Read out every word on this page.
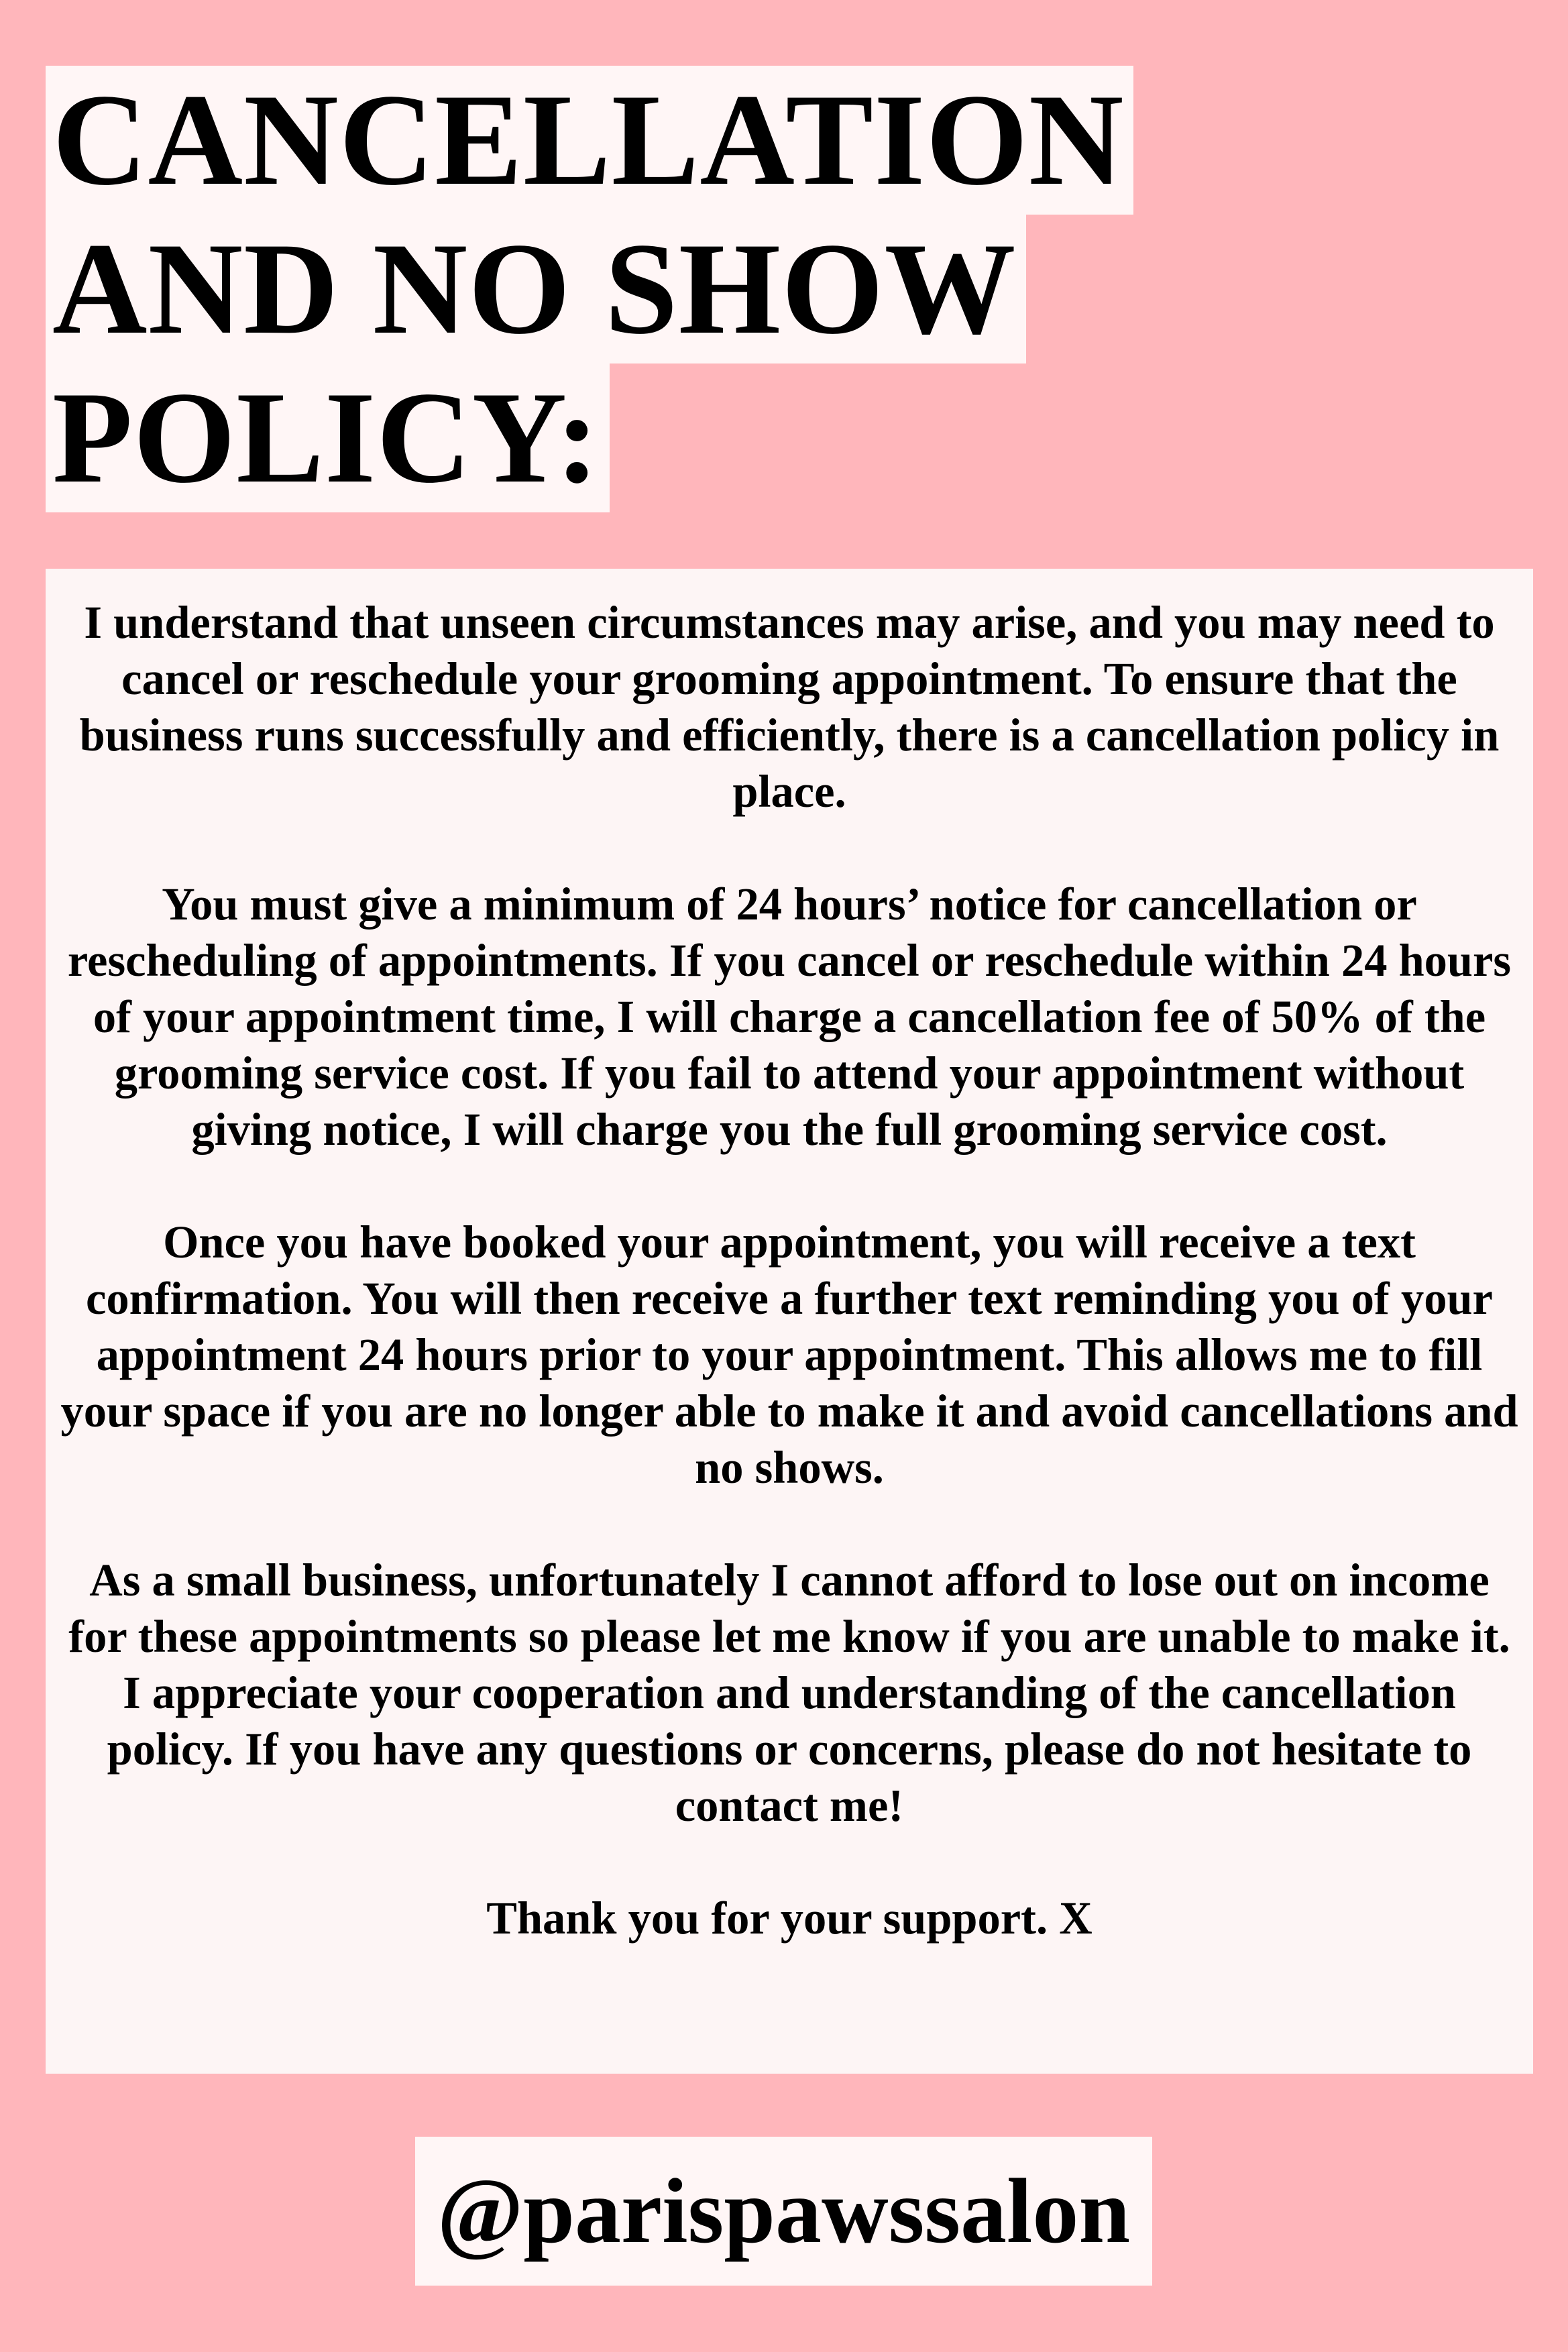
CANCELLATION
AND NO SHOW
POLICY:

I understand that unseen circumstances may arise, and you may need to cancel or reschedule your grooming appointment. To ensure that the business runs successfully and efficiently, there is a cancellation policy in place.

You must give a minimum of 24 hours’ notice for cancellation or rescheduling of appointments. If you cancel or reschedule within 24 hours of your appointment time, I will charge a cancellation fee of 50% of the grooming service cost. If you fail to attend your appointment without giving notice, I will charge you the full grooming service cost.

Once you have booked your appointment, you will receive a text confirmation. You will then receive a further text reminding you of your appointment 24 hours prior to your appointment. This allows me to fill your space if you are no longer able to make it and avoid cancellations and no shows.

As a small business, unfortunately I cannot afford to lose out on income for these appointments so please let me know if you are unable to make it. I appreciate your cooperation and understanding of the cancellation policy. If you have any questions or concerns, please do not hesitate to contact me!

Thank you for your support. X

@parispawssalon
